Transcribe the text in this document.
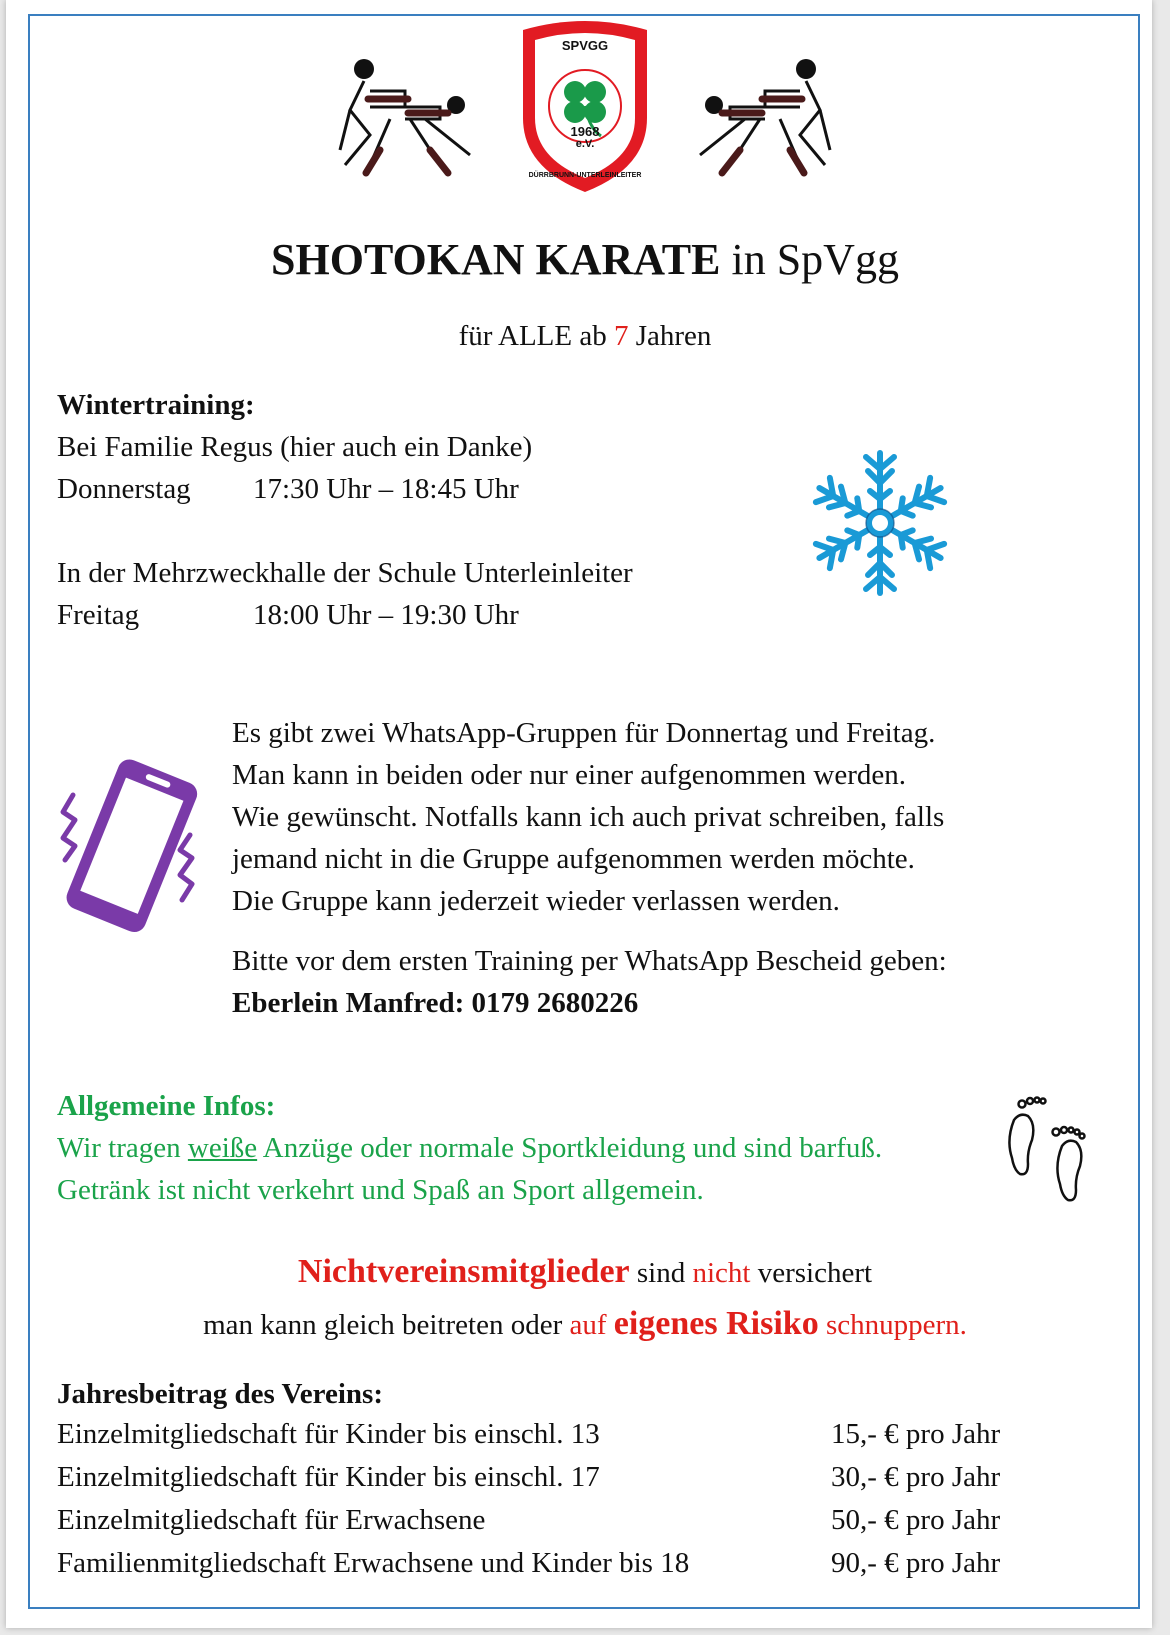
SPVGG
1968
e.V.
DÜRRBRUNN-UNTERLEINLEITER
SHOTOKAN KARATE in SpVgg
für ALLE ab 7 Jahren
Wintertraining:
Bei Familie Regus (hier auch ein Danke)
Donnerstag 17:30 Uhr – 18:45 Uhr
In der Mehrzweckhalle der Schule Unterleinleiter
Freitag	18:00 Uhr – 19:30 Uhr
Es gibt zwei WhatsApp-Gruppen für Donnertag und Freitag.
Man kann in beiden oder nur einer aufgenommen werden.
Wie gewünscht. Notfalls kann ich auch privat schreiben, falls
jemand nicht in die Gruppe aufgenommen werden möchte.
Die Gruppe kann jederzeit wieder verlassen werden.
Bitte vor dem ersten Training per WhatsApp Bescheid geben:
Eberlein Manfred: 0179 2680226
Allgemeine Infos:
Wir tragen weiße Anzüge oder normale Sportkleidung und sind barfuß.
Getränk ist nicht verkehrt und Spaß an Sport allgemein.
Nichtvereinsmitglieder sind nicht versichert
man kann gleich beitreten oder auf eigenes Risiko schnuppern.
Jahresbeitrag des Vereins:
Einzelmitgliedschaft für Kinder bis einschl. 13	15,- € pro Jahr
Einzelmitgliedschaft für Kinder bis einschl. 17	30,- € pro Jahr
Einzelmitgliedschaft für Erwachsene	50,- € pro Jahr
Familienmitgliedschaft Erwachsene und Kinder bis 18	90,- € pro Jahr
